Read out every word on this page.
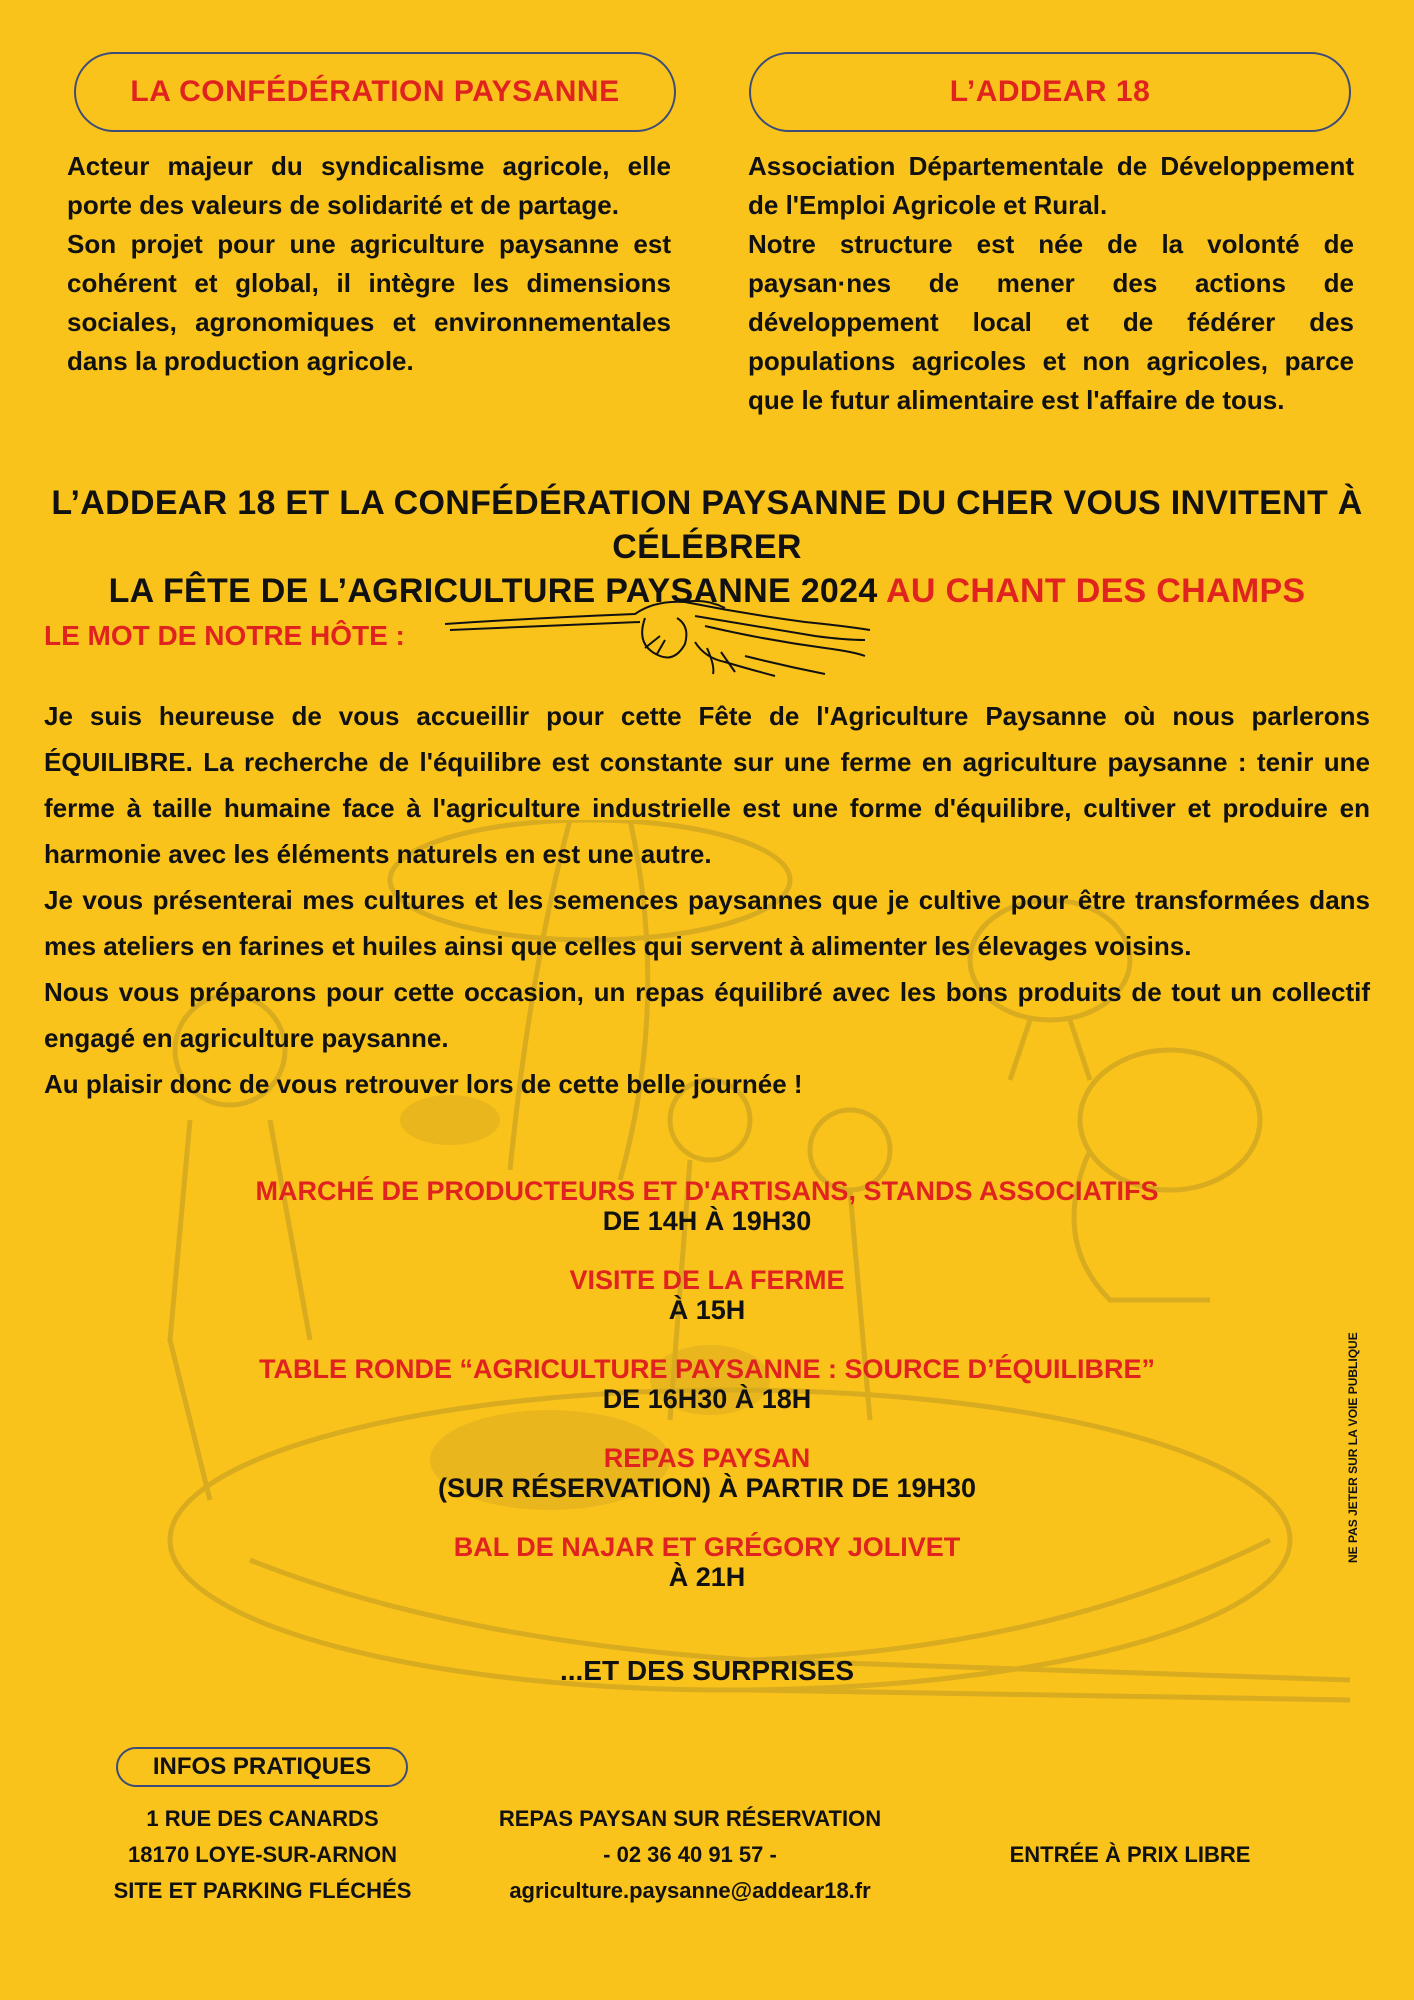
LA CONFÉDÉRATION PAYSANNE

Acteur majeur du syndicalisme agricole, elle porte des valeurs de solidarité et de partage.

Son projet pour une agriculture paysanne est cohérent et global, il intègre les dimensions sociales, agronomiques et environnementales dans la production agricole.

L’ADDEAR 18

Association Départementale de Développement de l'Emploi Agricole et Rural.

Notre structure est née de la volonté de paysan·nes de mener des actions de développement local et de fédérer des populations agricoles et non agricoles, parce que le futur alimentaire est l'affaire de tous.

L’ADDEAR 18 ET LA CONFÉDÉRATION PAYSANNE DU CHER VOUS INVITENT À CÉLÉBRER
LA FÊTE DE L’AGRICULTURE PAYSANNE 2024 AU CHANT DES CHAMPS
LE MOT DE NOTRE HÔTE :

Je suis heureuse de vous accueillir pour cette Fête de l'Agriculture Paysanne où nous parlerons ÉQUILIBRE. La recherche de l'équilibre est constante sur une ferme en agriculture paysanne : tenir une ferme à taille humaine face à l'agriculture industrielle est une forme d'équilibre, cultiver et produire en harmonie avec les éléments naturels en est une autre.

Je vous présenterai mes cultures et les semences paysannes que je cultive pour être transformées dans mes ateliers en farines et huiles ainsi que celles qui servent à alimenter les élevages voisins.

Nous vous préparons pour cette occasion, un repas équilibré avec les bons produits de tout un collectif engagé en agriculture paysanne.

Au plaisir donc de vous retrouver lors de cette belle journée !

MARCHÉ DE PRODUCTEURS ET D'ARTISANS, STANDS ASSOCIATIFS
DE 14H À 19H30
VISITE DE LA FERME
À 15H
TABLE RONDE “AGRICULTURE PAYSANNE : SOURCE D’ÉQUILIBRE”
DE 16H30 À 18H
REPAS PAYSAN
(SUR RÉSERVATION) À PARTIR DE 19H30
BAL DE NAJAR ET GRÉGORY JOLIVET
À 21H
...ET DES SURPRISES
NE PAS JETER SUR LA VOIE PUBLIQUE
INFOS PRATIQUES
1 RUE DES CANARDS
18170 LOYE-SUR-ARNON
SITE ET PARKING FLÉCHÉS
REPAS PAYSAN SUR RÉSERVATION
- 02 36 40 91 57 -
agriculture.paysanne@addear18.fr
ENTRÉE À PRIX LIBRE
